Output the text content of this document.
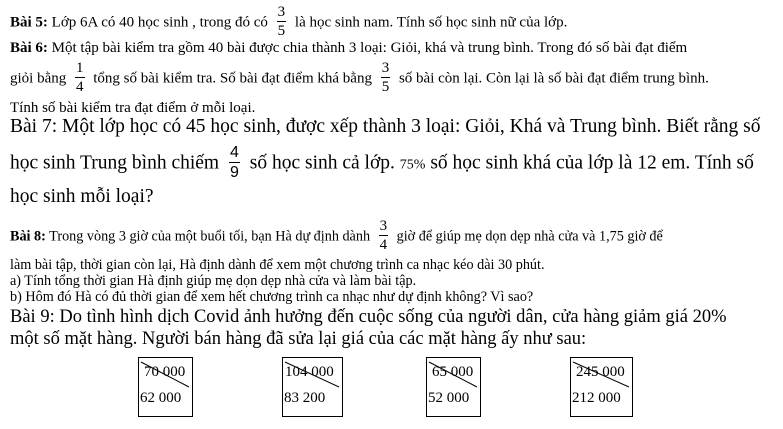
Bài 5: Lớp 6A có 40 học sinh , trong đó có $\frac{3}{5}$ là học sinh nam. Tính số học sinh nữ của lớp.
Bài 6: Một tập bài kiểm tra gồm 40 bài được chia thành 3 loại: Giỏi, khá và trung bình. Trong đó số bài đạt điểm
giỏi bằng $\frac{1}{4}$ tổng số bài kiểm tra. Số bài đạt điểm khá bằng $\frac{3}{5}$ số bài còn lại. Còn lại là số bài đạt điểm trung bình.
Tính số bài kiểm tra đạt điểm ở mỗi loại.
Bài 7: Một lớp học có 45 học sinh, được xếp thành 3 loại: Giỏi, Khá và Trung bình. Biết rằng số
học sinh Trung bình chiếm $\frac{4}{9}$ số học sinh cả lớp. 75% số học sinh khá của lớp là 12 em. Tính số
học sinh mỗi loại?
Bài 8: Trong vòng 3 giờ của một buổi tối, bạn Hà dự định dành $\frac{3}{4}$ giờ để giúp mẹ dọn dẹp nhà cửa và 1,75 giờ để
làm bài tập, thời gian còn lại, Hà định dành để xem một chương trình ca nhạc kéo dài 30 phút.
a) Tính tổng thời gian Hà định giúp mẹ dọn dẹp nhà cửa và làm bài tập.
b) Hôm đó Hà có đủ thời gian để xem hết chương trình ca nhạc như dự định không? Vì sao?
Bài 9: Do tình hình dịch Covid ảnh hưởng đến cuộc sống của người dân, cửa hàng giảm giá 20%
một số mặt hàng. Người bán hàng đã sửa lại giá của các mặt hàng ấy như sau:
70 000
62 000
104 000
83 200
65 000
52 000
245 000
212 000
